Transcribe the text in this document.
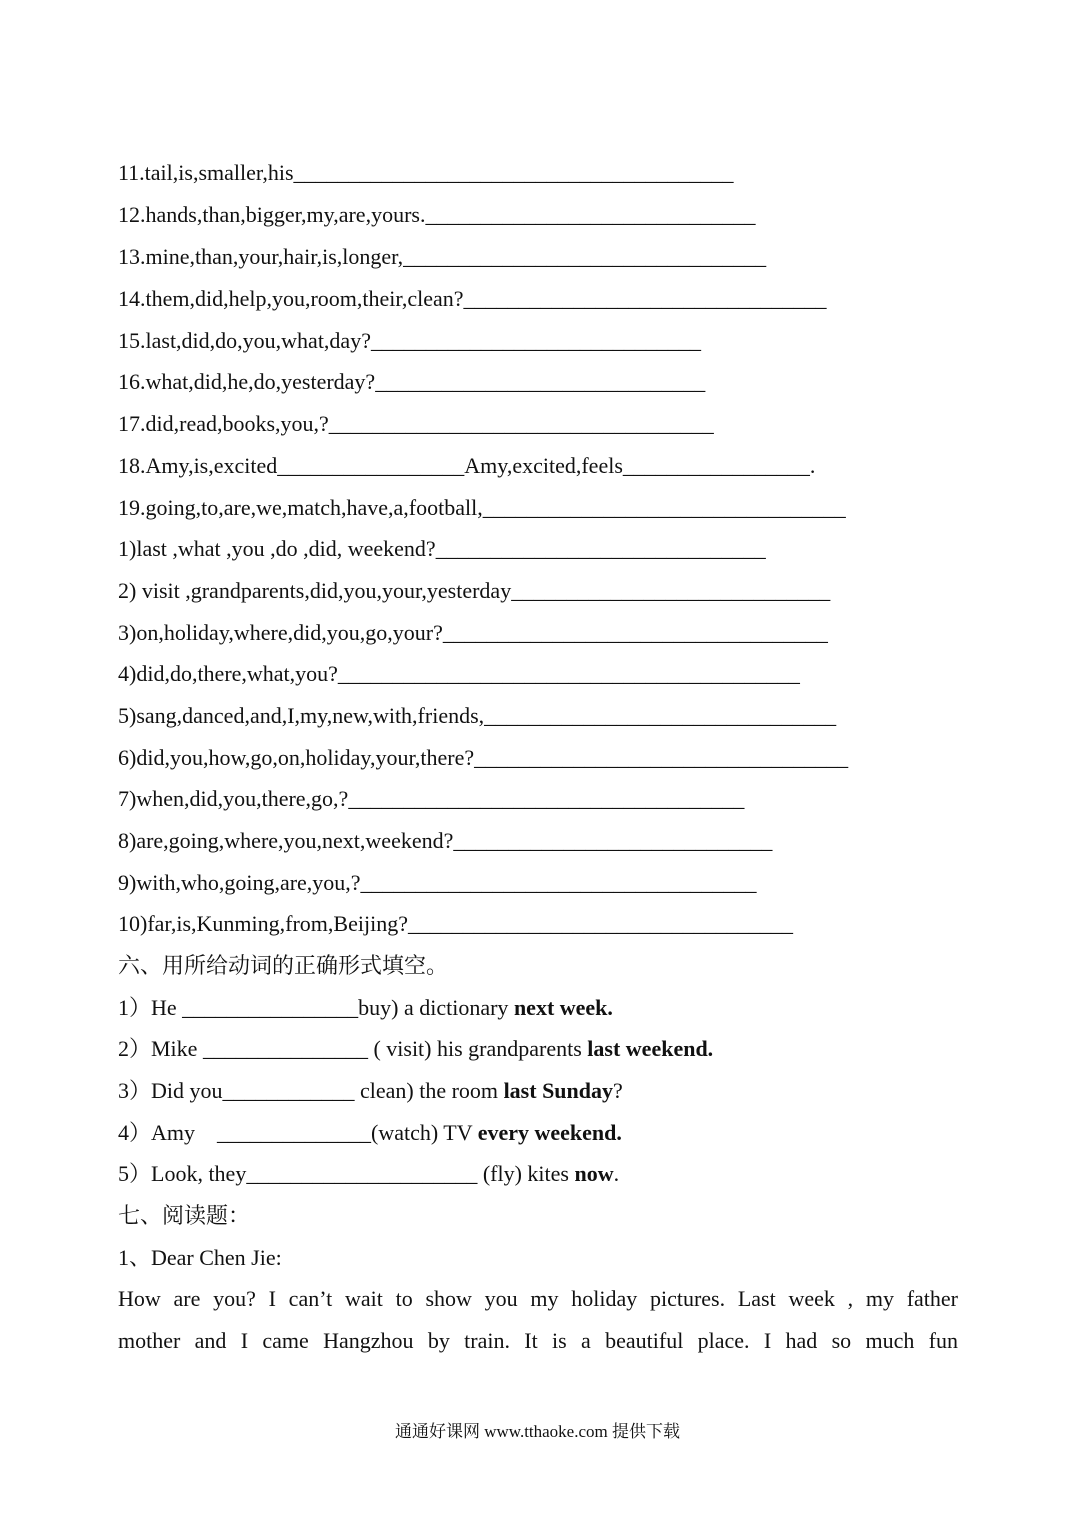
11.tail,is,smaller,his________________________________________
12.hands,than,bigger,my,are,yours.______________________________
13.mine,than,your,hair,is,longer,_________________________________
14.them,did,help,you,room,their,clean?_________________________________
15.last,did,do,you,what,day?______________________________
16.what,did,he,do,yesterday?______________________________
17.did,read,books,you,?___________________________________
18.Amy,is,excited_________________Amy,excited,feels_________________.
19.going,to,are,we,match,have,a,football,_________________________________
1)last ,what ,you ,do ,did, weekend?______________________________
2) visit ,grandparents,did,you,your,yesterday_____________________________
3)on,holiday,where,did,you,go,your?___________________________________
4)did,do,there,what,you?__________________________________________
5)sang,danced,and,I,my,new,with,friends,________________________________
6)did,you,how,go,on,holiday,your,there?__________________________________
7)when,did,you,there,go,?____________________________________
8)are,going,where,you,next,weekend?_____________________________
9)with,who,going,are,you,?____________________________________
10)far,is,Kunming,from,Beijing?___________________________________
六、用所给动词的正确形式填空。
1）He ________________buy) a dictionary next week.
2）Mike _______________ ( visit) his grandparents last weekend.
3）Did you____________ clean) the room last Sunday?
4）Amy    ______________(watch) TV every weekend.
5）Look, they_____________________ (fly) kites now.
七、阅读题：
1、Dear Chen Jie:
How are you? I can’t wait to show you my holiday pictures. Last week , my father
mother and I came Hangzhou by train. It is a beautiful place. I had so much fun
通通好课网 www.tthaoke.com 提供下载
